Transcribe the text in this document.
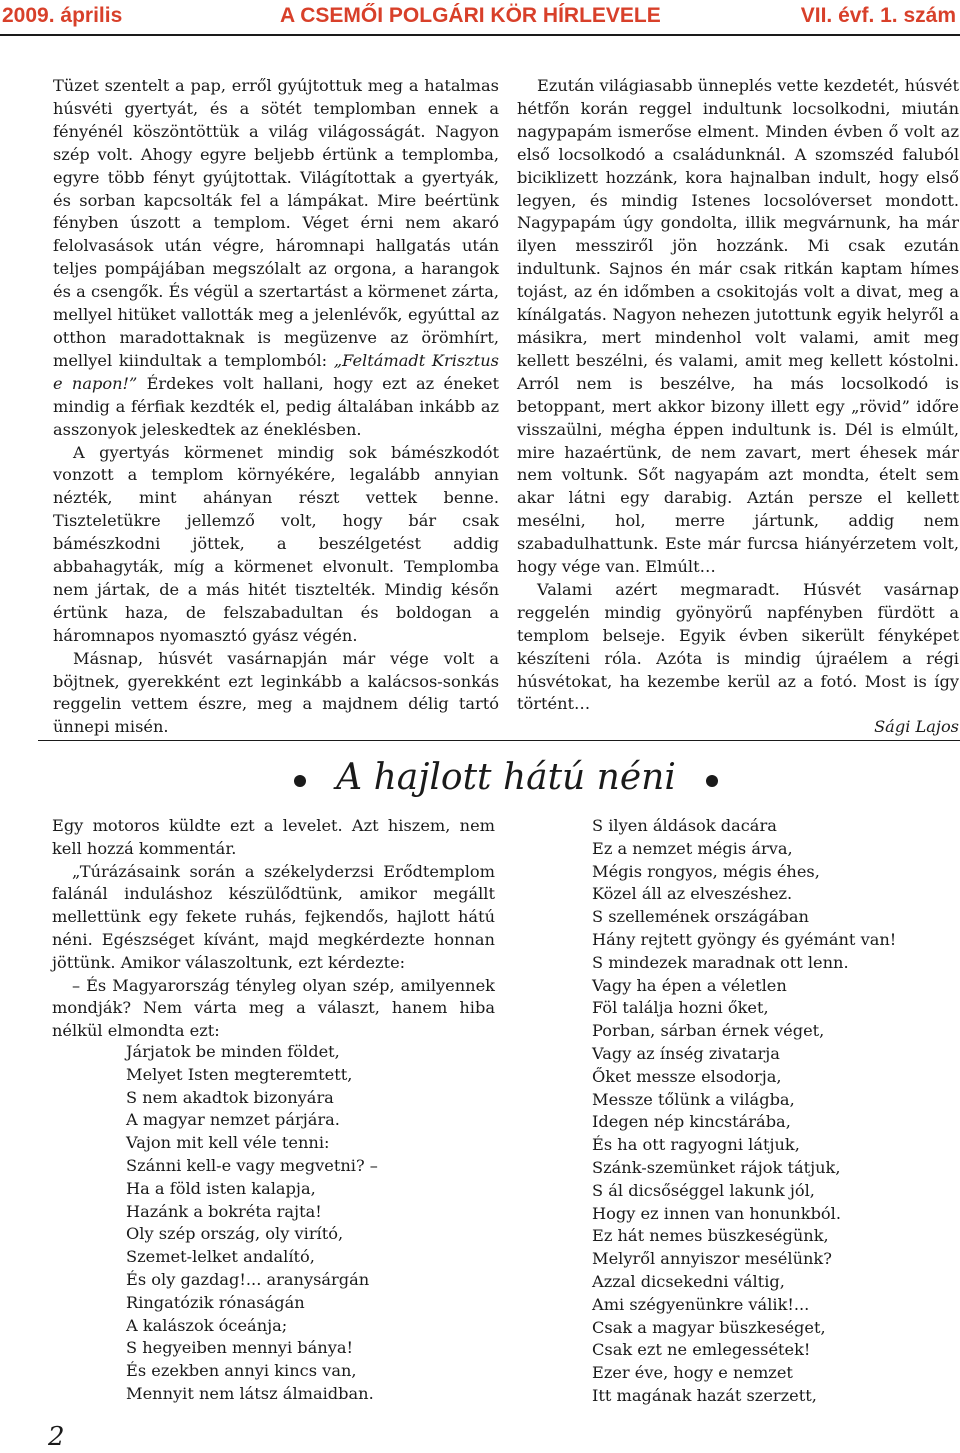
2009. április	A CSEMŐI POLGÁRI KÖR HÍRLEVELE	VII. évf. 1. szám

Tüzet szentelt a pap, erről gyújtottuk meg a hatalmas húsvéti gyertyát, és a sötét templomban ennek a fényénél köszöntöttük a világ világosságát. Nagyon szép volt. Ahogy egyre beljebb értünk a templomba, egyre több fényt gyújtottak. Világítottak a gyertyák, és sorban kapcsolták fel a lámpákat. Mire beértünk fényben úszott a templom. Véget érni nem akaró felolvasások után végre, háromnapi hallgatás után teljes pompájában megszólalt az orgona, a harangok és a csengők. És végül a szertartást a körmenet zárta, mellyel hitüket vallották meg a jelenlévők, egyúttal az otthon maradottaknak is megüzenve az örömhírt, mellyel kiindultak a templomból: „Feltámadt Krisztus e napon!” Érdekes volt hallani, hogy ezt az éneket mindig a férfiak kezdték el, pedig általában inkább az asszonyok jeleskedtek az éneklésben.

A gyertyás körmenet mindig sok bámészkodót vonzott a templom környékére, legalább annyian nézték, mint ahányan részt vettek benne. Tiszteletükre jellemző volt, hogy bár csak bámészkodni jöttek, a beszélgetést addig abbahagyták, míg a körmenet elvonult. Templomba nem jártak, de a más hitét tisztelték. Mindig későn értünk haza, de felszabadultan és boldogan a háromnapos nyomasztó gyász végén.

Másnap, húsvét vasárnapján már vége volt a böjtnek, gyerekként ezt leginkább a kalácsos-sonkás reggelin vettem észre, meg a majdnem délig tartó ünnepi misén.

Ezután világiasabb ünneplés vette kezdetét, húsvét hétfőn korán reggel indultunk locsolkodni, miután nagypapám ismerőse elment. Minden évben ő volt az első locsolkodó a családunknál. A szomszéd faluból biciklizett hozzánk, kora hajnalban indult, hogy első legyen, és mindig Istenes locsolóverset mondott. Nagypapám úgy gondolta, illik megvárnunk, ha már ilyen messziről jön hozzánk. Mi csak ezután indultunk. Sajnos én már csak ritkán kaptam hímes tojást, az én időmben a csokitojás volt a divat, meg a kínálgatás. Nagyon nehezen jutottunk egyik helyről a másikra, mert mindenhol volt valami, amit meg kellett beszélni, és valami, amit meg kellett kóstolni. Arról nem is beszélve, ha más locsolkodó is betoppant, mert akkor bizony illett egy „rövid” időre visszaülni, mégha éppen indultunk is. Dél is elmúlt, mire hazaértünk, de nem zavart, mert éhesek már nem voltunk. Sőt nagyapám azt mondta, ételt sem akar látni egy darabig. Aztán persze el kellett mesélni, hol, merre jártunk, addig nem szabadulhattunk. Este már furcsa hiányérzetem volt, hogy vége van. Elmúlt…

Valami azért megmaradt. Húsvét vasárnap reggelén mindig gyönyörű napfényben fürdött a templom belseje. Egyik évben sikerült fényképet készíteni róla. Azóta is mindig újraélem a régi húsvétokat, ha kezembe kerül az a fotó. Most is így történt…

Sági Lajos

A hajlott hátú néni

Egy motoros küldte ezt a levelet. Azt hiszem, nem kell hozzá kommentár.

„Túrázásaink során a székelyderzsi Erődtemplom falánál induláshoz készülődtünk, amikor megállt mellettünk egy fekete ruhás, fejkendős, hajlott hátú néni. Egészséget kívánt, majd megkérdezte honnan jöttünk. Amikor válaszoltunk, ezt kérdezte:

– És Magyarország tényleg olyan szép, amilyennek mondják? Nem várta meg a választ, hanem hiba nélkül elmondta ezt:

Járjatok be minden földet,
Melyet Isten megteremtett,
S nem akadtok bizonyára
A magyar nemzet párjára.
Vajon mit kell véle tenni:
Szánni kell-e vagy megvetni? –
Ha a föld isten kalapja,
Hazánk a bokréta rajta!
Oly szép ország, oly virító,
Szemet-lelket andalító,
És oly gazdag!... aranysárgán
Ringatózik rónaságán
A kalászok óceánja;
S hegyeiben mennyi bánya!
És ezekben annyi kincs van,
Mennyit nem látsz álmaidban.
S ilyen áldások dacára
Ez a nemzet mégis árva,
Mégis rongyos, mégis éhes,
Közel áll az elveszéshez.
S szellemének országában
Hány rejtett gyöngy és gyémánt van!
S mindezek maradnak ott lenn.
Vagy ha épen a véletlen
Föl találja hozni őket,
Porban, sárban érnek véget,
Vagy az ínség zivatarja
Őket messze elsodorja,
Messze tőlünk a világba,
Idegen nép kincstárába,
És ha ott ragyogni látjuk,
Szánk-szemünket rájok tátjuk,
S ál dicsőséggel lakunk jól,
Hogy ez innen van honunkból.
Ez hát nemes büszkeségünk,
Melyről annyiszor mesélünk?
Azzal dicsekedni váltig,
Ami szégyenünkre válik!...
Csak a magyar büszkeséget,
Csak ezt ne emlegessétek!
Ezer éve, hogy e nemzet
Itt magának hazát szerzett,
2
